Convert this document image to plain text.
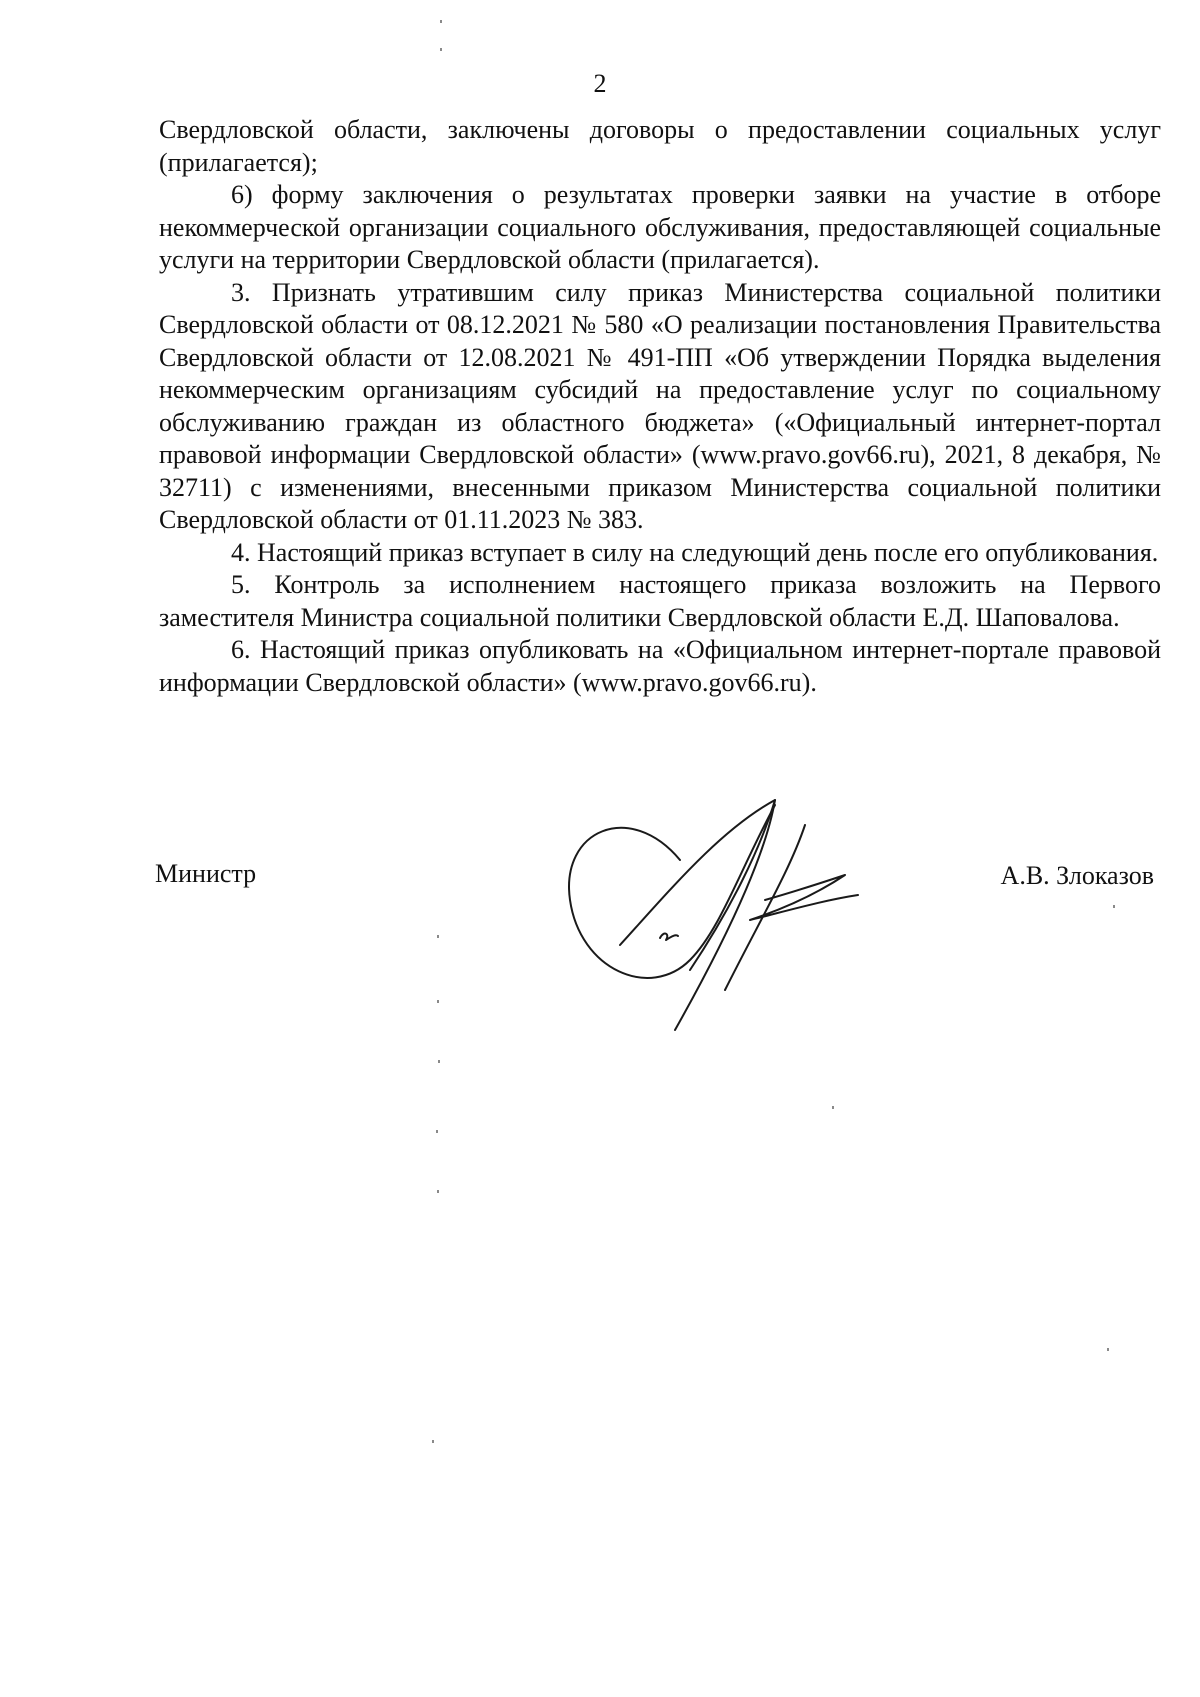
2

Свердловской области, заключены договоры о предоставлении социальных услуг (прилагается);

6) форму заключения о результатах проверки заявки на участие в отборе некоммерческой организации социального обслуживания, предоставляющей социальные услуги на территории Свердловской области (прилагается).

3. Признать утратившим силу приказ Министерства социальной политики Свердловской области от 08.12.2021 № 580 «О реализации постановления Правительства Свердловской области от 12.08.2021 № 491-ПП «Об утверждении Порядка выделения некоммерческим организациям субсидий на предоставление услуг по социальному обслуживанию граждан из областного бюджета» («Официальный интернет-портал правовой информации Свердловской области» (www.pravo.gov66.ru), 2021, 8 декабря, № 32711) с изменениями, внесенными приказом Министерства социальной политики Свердловской области от 01.11.2023 № 383.

4. Настоящий приказ вступает в силу на следующий день после его опубликования.

5. Контроль за исполнением настоящего приказа возложить на Первого заместителя Министра социальной политики Свердловской области Е.Д. Шаповалова.

6. Настоящий приказ опубликовать на «Официальном интернет-портале правовой информации Свердловской области» (www.pravo.gov66.ru).

Министр	А.В. Злоказов
